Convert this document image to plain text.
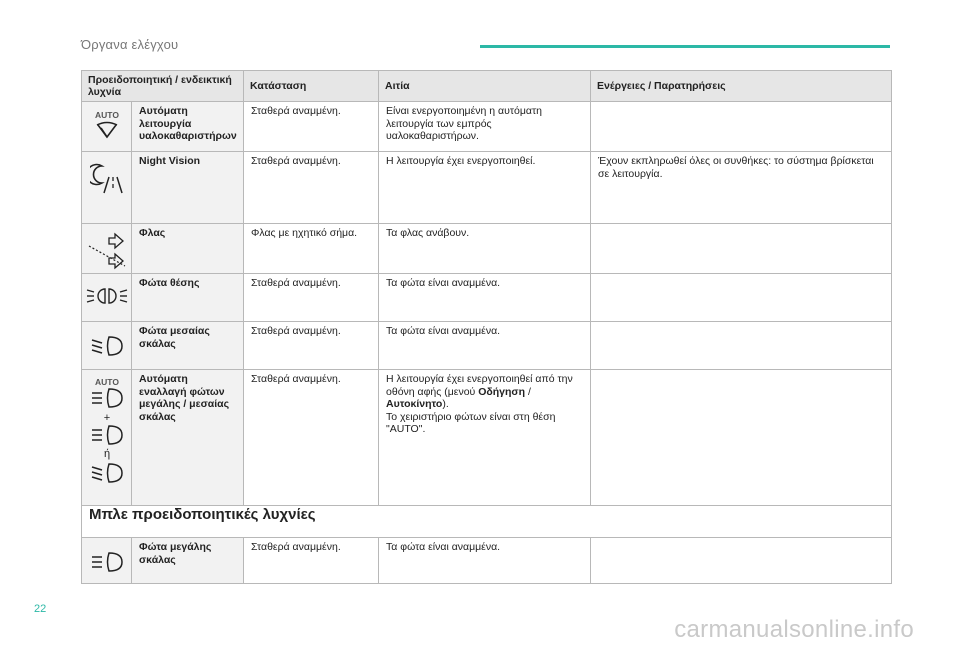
Όργανα ελέγχου
Προειδοποιητική / ενδεικτική λυχνία		Κατάσταση	Αιτία	Ενέργειες / Παρατηρήσεις

AUTO	Αυτόματη λειτουργία υαλοκαθαριστήρων	Σταθερά αναμμένη.	Είναι ενεργοποιημένη η αυτόματη λειτουργία των εμπρός υαλοκαθαριστήρων.	

	Night Vision	Σταθερά αναμμένη.	Η λειτουργία έχει ενεργοποιηθεί.	Έχουν εκπληρωθεί όλες οι συνθήκες: το σύστημα βρίσκεται σε λειτουργία.

	Φλας	Φλας με ηχητικό σήμα.	Τα φλας ανάβουν.	

	Φώτα θέσης	Σταθερά αναμμένη.	Τα φώτα είναι αναμμένα.	

	Φώτα μεσαίας σκάλας	Σταθερά αναμμένη.	Τα φώτα είναι αναμμένα.	

AUTO
+
ή	Αυτόματη εναλλαγή φώτων μεγάλης / μεσαίας σκάλας	Σταθερά αναμμένη.	Η λειτουργία έχει ενεργοποιηθεί από την οθόνη αφής (μενού Οδήγηση / Αυτοκίνητο).
Το χειριστήριο φώτων είναι στη θέση "AUTO".	
Μπλε προειδοποιητικές λυχνίες				

	Φώτα μεγάλης σκάλας	Σταθερά αναμμένη.	Τα φώτα είναι αναμμένα.	
22
carmanualsonline.info
